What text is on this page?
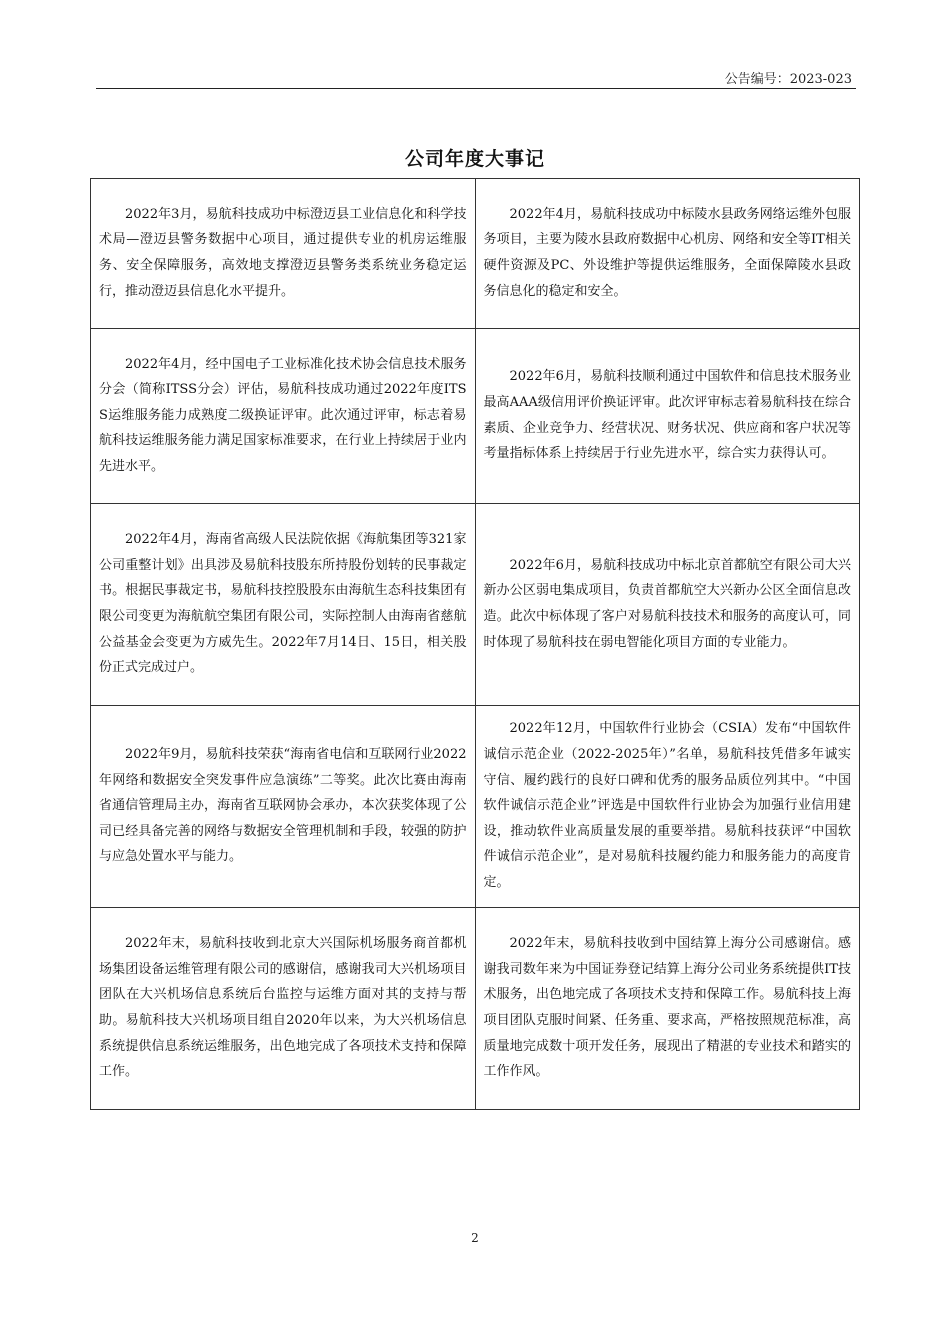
公告编号：2023-023
公司年度大事记
2022年3月，易航科技成功中标澄迈县工业信息化和科学技术局—澄迈县警务数据中心项目，通过提供专业的机房运维服务、安全保障服务，高效地支撑澄迈县警务类系统业务稳定运行，推动澄迈县信息化水平提升。	2022年4月，易航科技成功中标陵水县政务网络运维外包服务项目，主要为陵水县政府数据中心机房、网络和安全等IT相关硬件资源及PC、外设维护等提供运维服务，全面保障陵水县政务信息化的稳定和安全。
2022年4月，经中国电子工业标准化技术协会信息技术服务分会（简称ITSS分会）评估，易航科技成功通过2022年度ITSS运维服务能力成熟度二级换证评审。此次通过评审，标志着易航科技运维服务能力满足国家标准要求，在行业上持续居于业内先进水平。	2022年6月，易航科技顺利通过中国软件和信息技术服务业最高AAA级信用评价换证评审。此次评审标志着易航科技在综合素质、企业竞争力、经营状况、财务状况、供应商和客户状况等考量指标体系上持续居于行业先进水平，综合实力获得认可。
2022年4月，海南省高级人民法院依据《海航集团等321家公司重整计划》出具涉及易航科技股东所持股份划转的民事裁定书。根据民事裁定书，易航科技控股股东由海航生态科技集团有限公司变更为海航航空集团有限公司，实际控制人由海南省慈航公益基金会变更为方威先生。2022年7月14日、15日，相关股份正式完成过户。	2022年6月，易航科技成功中标北京首都航空有限公司大兴新办公区弱电集成项目，负责首都航空大兴新办公区全面信息改造。此次中标体现了客户对易航科技技术和服务的高度认可，同时体现了易航科技在弱电智能化项目方面的专业能力。
2022年9月，易航科技荣获“海南省电信和互联网行业2022年网络和数据安全突发事件应急演练”二等奖。此次比赛由海南省通信管理局主办，海南省互联网协会承办，本次获奖体现了公司已经具备完善的网络与数据安全管理机制和手段，较强的防护与应急处置水平与能力。	2022年12月，中国软件行业协会（CSIA）发布“中国软件诚信示范企业（2022-2025年）”名单，易航科技凭借多年诚实守信、履约践行的良好口碑和优秀的服务品质位列其中。“中国软件诚信示范企业”评选是中国软件行业协会为加强行业信用建设，推动软件业高质量发展的重要举措。易航科技获评“中国软件诚信示范企业”，是对易航科技履约能力和服务能力的高度肯定。
2022年末，易航科技收到北京大兴国际机场服务商首都机场集团设备运维管理有限公司的感谢信，感谢我司大兴机场项目团队在大兴机场信息系统后台监控与运维方面对其的支持与帮助。易航科技大兴机场项目组自2020年以来，为大兴机场信息系统提供信息系统运维服务，出色地完成了各项技术支持和保障工作。	2022年末，易航科技收到中国结算上海分公司感谢信。感谢我司数年来为中国证券登记结算上海分公司业务系统提供IT技术服务，出色地完成了各项技术支持和保障工作。易航科技上海项目团队克服时间紧、任务重、要求高，严格按照规范标准，高质量地完成数十项开发任务，展现出了精湛的专业技术和踏实的工作作风。
2
